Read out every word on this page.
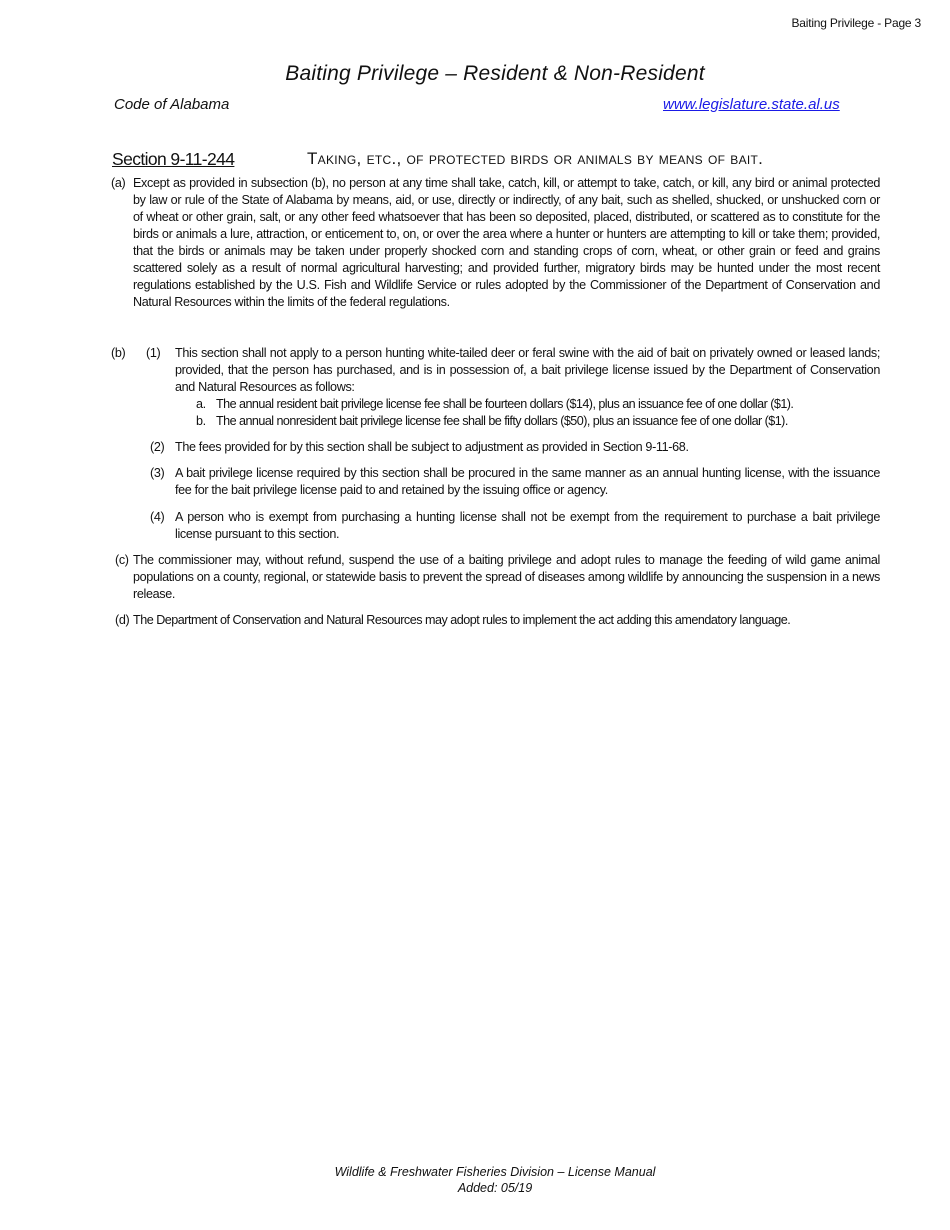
Baiting Privilege - Page 3
Baiting Privilege – Resident & Non-Resident
Code of Alabama	www.legislature.state.al.us
Section 9-11-244	Taking, etc., of protected birds or animals by means of bait.
(a) Except as provided in subsection (b), no person at any time shall take, catch, kill, or attempt to take, catch, or kill, any bird or animal protected by law or rule of the State of Alabama by means, aid, or use, directly or indirectly, of any bait, such as shelled, shucked, or unshucked corn or of wheat or other grain, salt, or any other feed whatsoever that has been so deposited, placed, distributed, or scattered as to constitute for the birds or animals a lure, attraction, or enticement to, on, or over the area where a hunter or hunters are attempting to kill or take them; provided, that the birds or animals may be taken under properly shocked corn and standing crops of corn, wheat, or other grain or feed and grains scattered solely as a result of normal agricultural harvesting; and provided further, migratory birds may be hunted under the most recent regulations established by the U.S. Fish and Wildlife Service or rules adopted by the Commissioner of the Department of Conservation and Natural Resources within the limits of the federal regulations.
(b) (1) This section shall not apply to a person hunting white-tailed deer or feral swine with the aid of bait on privately owned or leased lands; provided, that the person has purchased, and is in possession of, a bait privilege license issued by the Department of Conservation and Natural Resources as follows:
a. The annual resident bait privilege license fee shall be fourteen dollars ($14), plus an issuance fee of one dollar ($1).
b. The annual nonresident bait privilege license fee shall be fifty dollars ($50), plus an issuance fee of one dollar ($1).
(2) The fees provided for by this section shall be subject to adjustment as provided in Section 9-11-68.
(3) A bait privilege license required by this section shall be procured in the same manner as an annual hunting license, with the issuance fee for the bait privilege license paid to and retained by the issuing office or agency.
(4) A person who is exempt from purchasing a hunting license shall not be exempt from the requirement to purchase a bait privilege license pursuant to this section.
(c) The commissioner may, without refund, suspend the use of a baiting privilege and adopt rules to manage the feeding of wild game animal populations on a county, regional, or statewide basis to prevent the spread of diseases among wildlife by announcing the suspension in a news release.
(d) The Department of Conservation and Natural Resources may adopt rules to implement the act adding this amendatory language.
Wildlife & Freshwater Fisheries Division – License Manual
Added: 05/19
